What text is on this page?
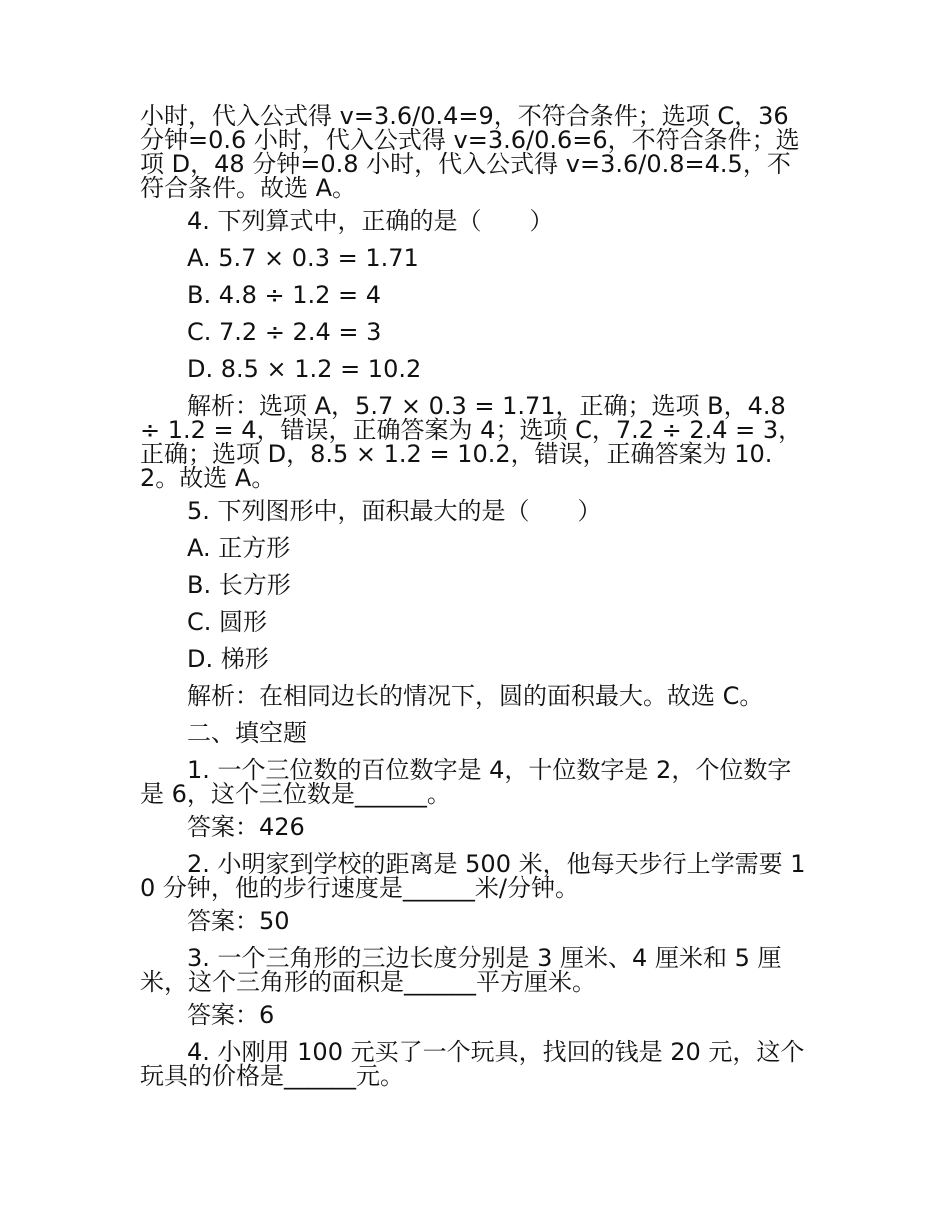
小时，代入公式得 v=3.6/0.4=9，不符合条件；选项 C，36 分钟=0.6 小时，代入公式得 v=3.6/0.6=6，不符合条件；选项 D，48 分钟=0.8 小时，代入公式得 v=3.6/0.8=4.5，不符合条件。故选 A。

4. 下列算式中，正确的是（　　）

A. 5.7 × 0.3 = 1.71

B. 4.8 ÷ 1.2 = 4

C. 7.2 ÷ 2.4 = 3

D. 8.5 × 1.2 = 10.2

解析：选项 A，5.7 × 0.3 = 1.71，正确；选项 B，4.8 ÷ 1.2 = 4，错误，正确答案为 4；选项 C，7.2 ÷ 2.4 = 3，正确；选项 D，8.5 × 1.2 = 10.2，错误，正确答案为 10.2。故选 A。

5. 下列图形中，面积最大的是（　　）

A. 正方形

B. 长方形

C. 圆形

D. 梯形

解析：在相同边长的情况下，圆的面积最大。故选 C。

二、填空题

1. 一个三位数的百位数字是 4，十位数字是 2，个位数字是 6，这个三位数是______。

答案：426

2. 小明家到学校的距离是 500 米，他每天步行上学需要 10 分钟，他的步行速度是______米/分钟。

答案：50

3. 一个三角形的三边长度分别是 3 厘米、4 厘米和 5 厘米，这个三角形的面积是______平方厘米。

答案：6

4. 小刚用 100 元买了一个玩具，找回的钱是 20 元，这个玩具的价格是______元。
